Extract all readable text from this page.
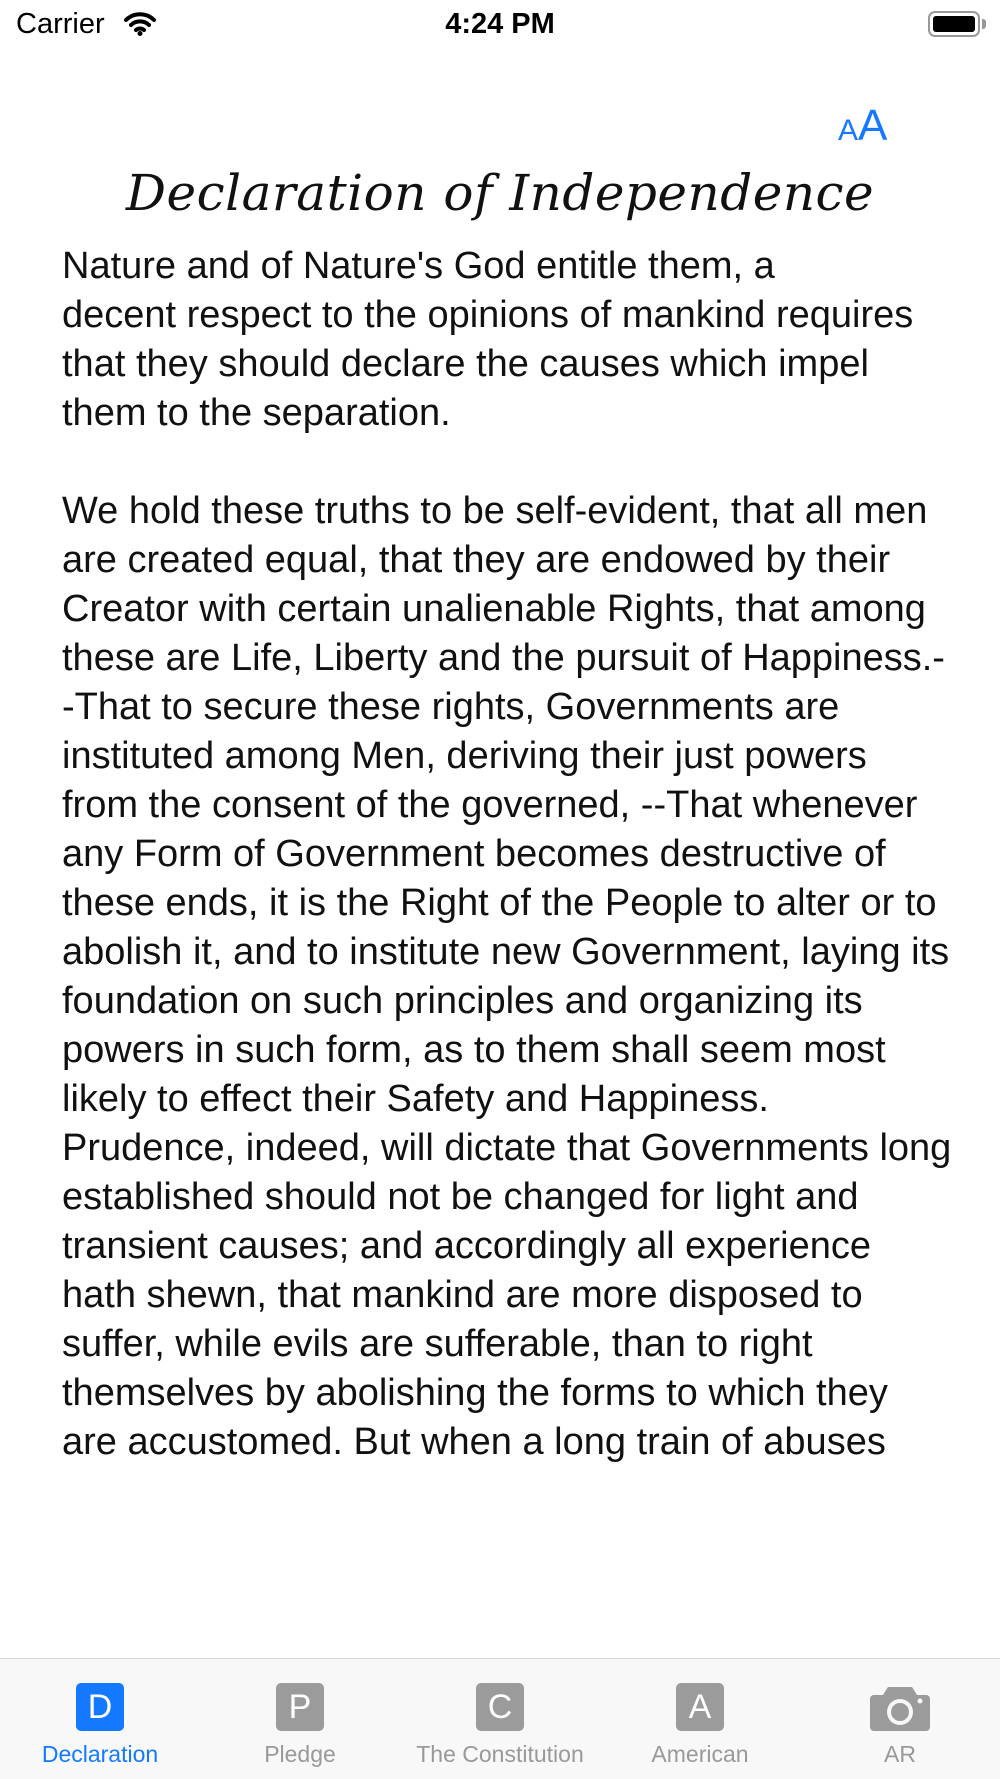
Carrier	4:24 PM
AA
Declaration of Independence
Nature and of Nature's God entitle them, a
decent respect to the opinions of mankind requires that they should declare the causes which impel them to the separation.

We hold these truths to be self-evident, that all men are created equal, that they are endowed by their Creator with certain unalienable Rights, that among these are Life, Liberty and the pursuit of Happiness.--That to secure these rights, Governments are instituted among Men, deriving their just powers from the consent of the governed, --That whenever any Form of Government becomes destructive of these ends, it is the Right of the People to alter or to abolish it, and to institute new Government, laying its foundation on such principles and organizing its powers in such form, as to them shall seem most likely to effect their Safety and Happiness. Prudence, indeed, will dictate that Governments long established should not be changed for light and transient causes; and accordingly all experience hath shewn, that mankind are more disposed to suffer, while evils are sufferable, than to right themselves by abolishing the forms to which they are accustomed. But when a long train of abuses
D
Declaration
P
Pledge
C
The Constitution
A
American	AR
